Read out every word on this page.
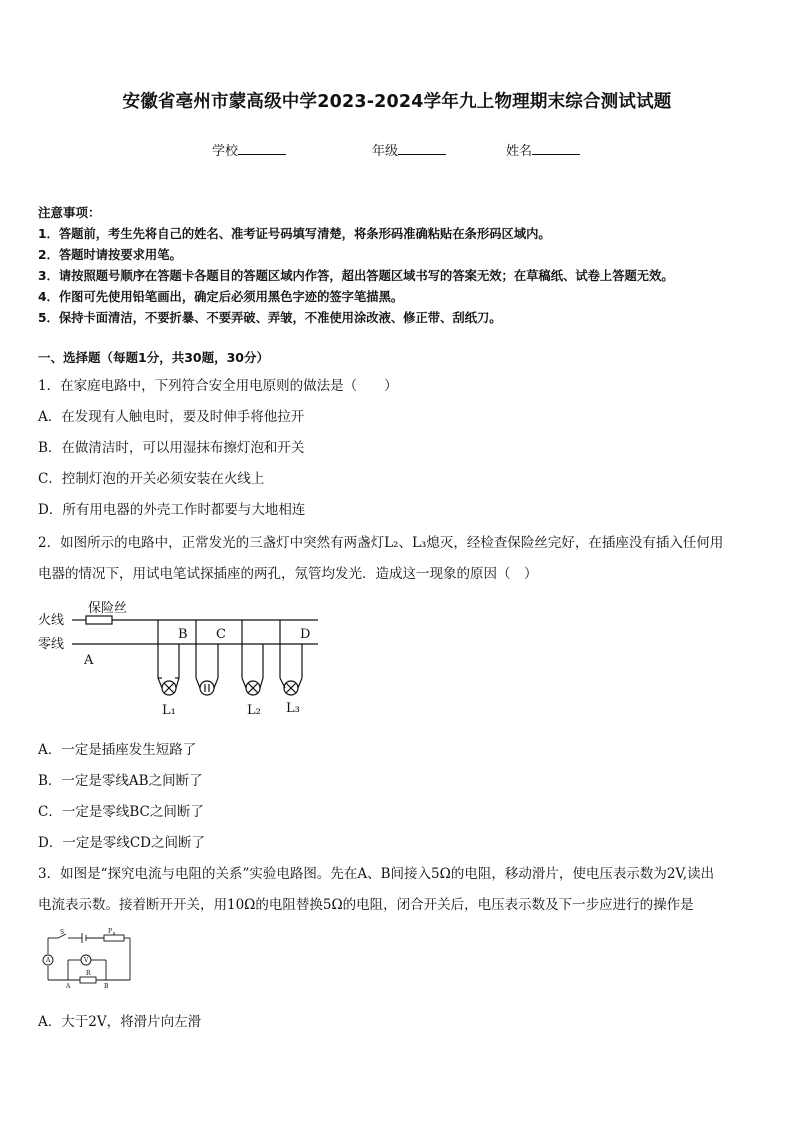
安徽省亳州市蒙高级中学2023-2024学年九上物理期末综合测试试题
学校	年级	姓名
注意事项：
1．答题前，考生先将自己的姓名、准考证号码填写清楚，将条形码准确粘贴在条形码区域内。
2．答题时请按要求用笔。
3．请按照题号顺序在答题卡各题目的答题区域内作答，超出答题区域书写的答案无效；在草稿纸、试卷上答题无效。
4．作图可先使用铅笔画出，确定后必须用黑色字迹的签字笔描黑。
5．保持卡面清洁，不要折暴、不要弄破、弄皱，不准使用涂改液、修正带、刮纸刀。
一、选择题（每题1分，共30题，30分）
1．在家庭电路中，下列符合安全用电原则的做法是（　　）
A．在发现有人触电时，要及时伸手将他拉开
B．在做清洁时，可以用湿抹布擦灯泡和开关
C．控制灯泡的开关必须安装在火线上
D．所有用电器的外壳工作时都要与大地相连
2．如图所示的电路中，正常发光的三盏灯中突然有两盏灯L₂、L₃熄灭，经检查保险丝完好，在插座没有插入任何用
电器的情况下，用试电笔试探插座的两孔，氖管均发光．造成这一现象的原因（　）
火线
零线
保险丝
A
B C	D
L₁	L₂ L₃
A．一定是插座发生短路了
B．一定是零线AB之间断了
C．一定是零线BC之间断了
D．一定是零线CD之间断了
3．如图是“探究电流与电阻的关系”实验电路图。先在A、B间接入5Ω的电阻，移动滑片，使电压表示数为2V,读出
电流表示数。接着断开开关，用10Ω的电阻替换5Ω的电阻，闭合开关后，电压表示数及下一步应进行的操作是
S	P
A	V
R
A	B
A．大于2V，将滑片向左滑
